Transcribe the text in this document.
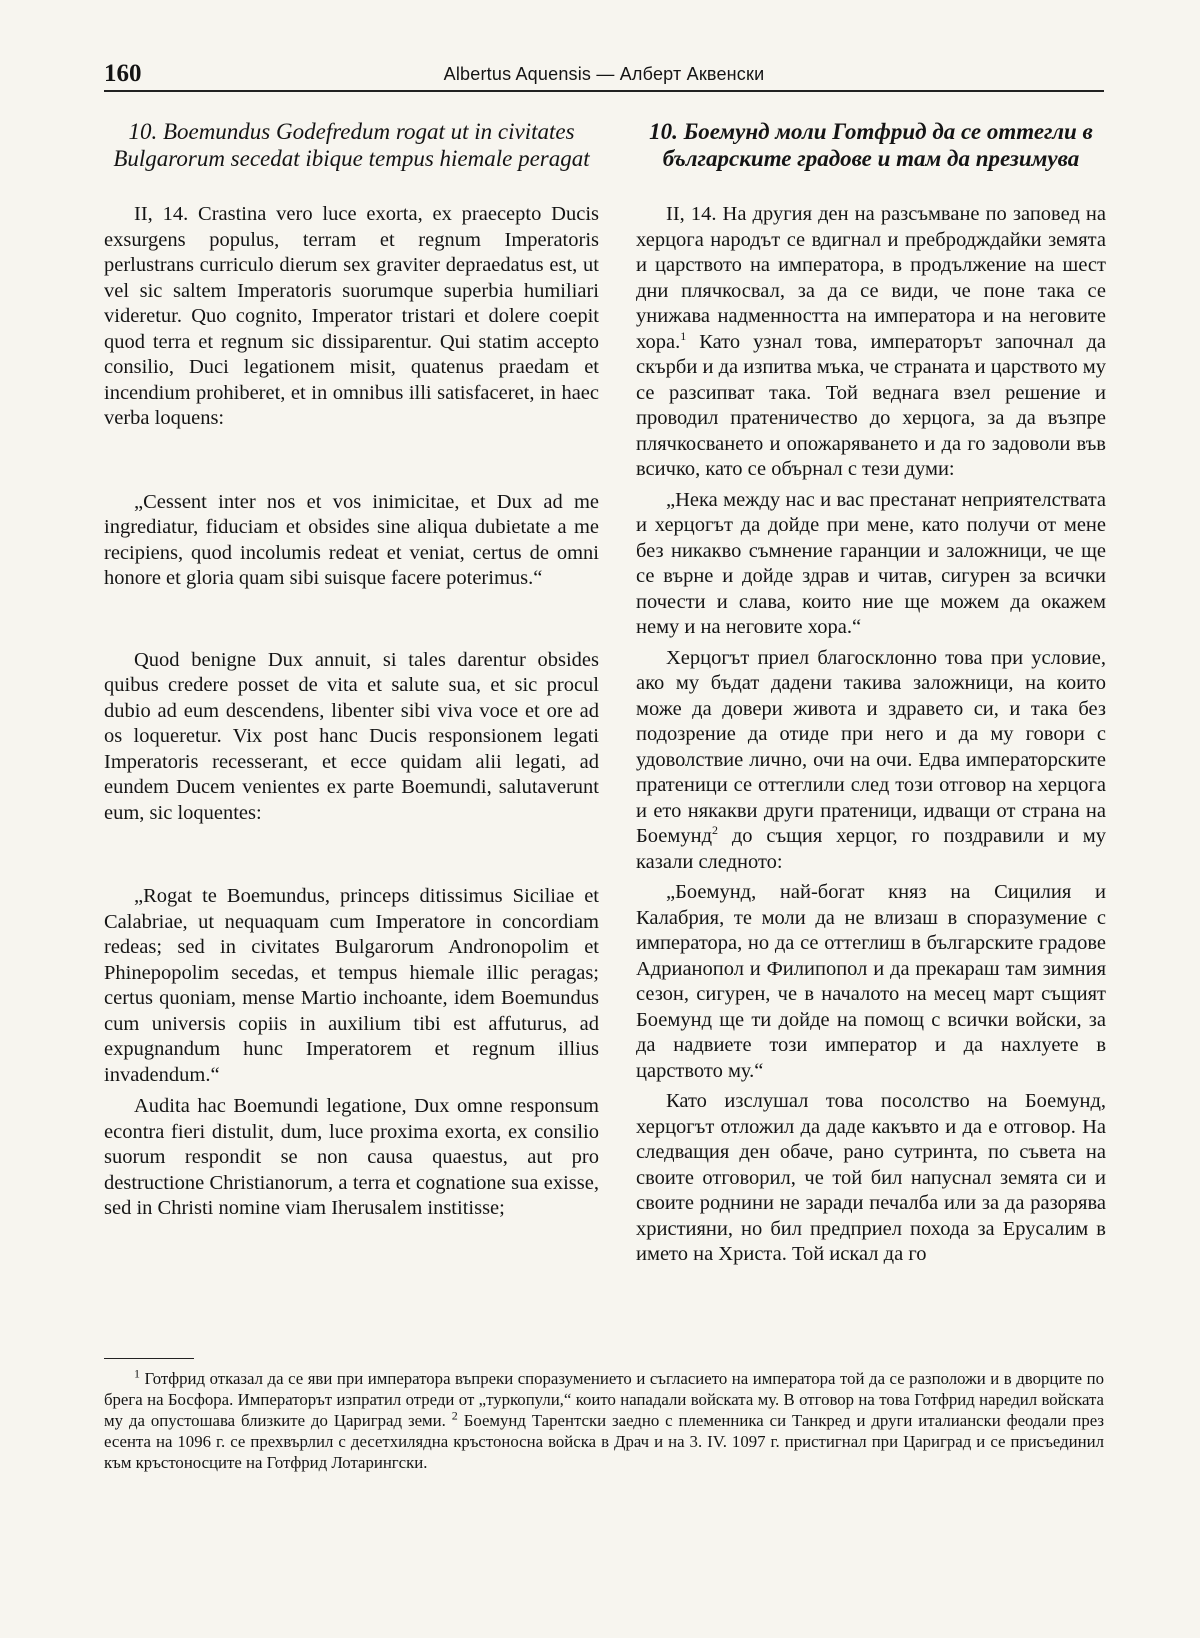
160	Albertus Aquensis — Алберт Аквенски
10. Boemundus Godefredum rogat ut in civitates Bulgarorum secedat ibique tempus hiemale peragat

II, 14. Crastina vero luce exorta, ex praecepto Ducis exsurgens populus, terram et regnum Imperatoris perlustrans curriculo dierum sex graviter depraedatus est, ut vel sic saltem Imperatoris suorumque superbia humiliari videretur. Quo cognito, Imperator tristari et dolere coepit quod terra et regnum sic dissiparentur. Qui statim accepto consilio, Duci legationem misit, quatenus praedam et incendium prohiberet, et in omnibus illi satisfaceret, in haec verba loquens:

„Cessent inter nos et vos inimicitae, et Dux ad me ingrediatur, fiduciam et obsides sine aliqua dubietate a me recipiens, quod incolumis redeat et veniat, certus de omni honore et gloria quam sibi suisque facere poterimus.“

Quod benigne Dux annuit, si tales darentur obsides quibus credere posset de vita et salute sua, et sic procul dubio ad eum descendens, libenter sibi viva voce et ore ad os loqueretur. Vix post hanc Ducis responsionem legati Imperatoris recesserant, et ecce quidam alii legati, ad eundem Ducem venientes ex parte Boemundi, salutaverunt eum, sic loquentes:

„Rogat te Boemundus, princeps ditissimus Siciliae et Calabriae, ut nequaquam cum Imperatore in concordiam redeas; sed in civitates Bulgarorum Andronopolim et Phinepopolim secedas, et tempus hiemale illic peragas; certus quoniam, mense Martio inchoante, idem Boemundus cum universis copiis in auxilium tibi est affuturus, ad expugnandum hunc Imperatorem et regnum illius invadendum.“

Audita hac Boemundi legatione, Dux omne responsum econtra fieri distulit, dum, luce proxima exorta, ex consilio suorum respondit se non causa quaestus, aut pro destructione Christianorum, a terra et cognatione sua exisse, sed in Christi nomine viam Iherusalem institisse;

10. Боемунд моли Готфрид да се оттегли в българските градове и там да презимува

II, 14. На другия ден на разсъмване по заповед на херцога народът се вдигнал и пребродждайки земята и царството на императора, в продължение на шест дни плячкосвал, за да се види, че поне така се унижава надменността на императора и на неговите хора.$^1$ Като узнал това, императорът започнал да скърби и да изпитва мъка, че страната и царството му се разсипват така. Той веднага взел решение и проводил пратеничество до херцога, за да възпре плячкосването и опожаряването и да го задоволи във всичко, като се обърнал с тези думи:

„Нека между нас и вас престанат неприятелствата и херцогът да дойде при мене, като получи от мене без никакво съмнение гаранции и заложници, че ще се върне и дойде здрав и читав, сигурен за всички почести и слава, които ние ще можем да окажем нему и на неговите хора.“

Херцогът приел благосклонно това при условие, ако му бъдат дадени такива заложници, на които може да довери живота и здравето си, и така без подозрение да отиде при него и да му говори с удоволствие лично, очи на очи. Едва императорските пратеници се оттеглили след този отговор на херцога и ето някакви други пратеници, идващи от страна на Боемунд$^2$ до същия херцог, го поздравили и му казали следното:

„Боемунд, най-богат княз на Сицилия и Калабрия, те моли да не влизаш в споразумение с императора, но да се оттеглиш в българските градове Адрианопол и Филипопол и да прекараш там зимния сезон, сигурен, че в началото на месец март същият Боемунд ще ти дойде на помощ с всички войски, за да надвиете този император и да нахлуете в царството му.“

Като изслушал това посолство на Боемунд, херцогът отложил да даде какъвто и да е отговор. На следващия ден обаче, рано сутринта, по съвета на своите отговорил, че той бил напуснал земята си и своите роднини не заради печалба или за да разорява християни, но бил предприел похода за Ерусалим в името на Христа. Той искал да го

$^1$ Готфрид отказал да се яви при императора въпреки споразумението и съгласието на императора той да се разположи и в дворците по брега на Босфора. Императорът изпратил отреди от „туркопули,“ които нападали войската му. В отговор на това Готфрид наредил войската му да опустошава близките до Цариград земи. $^2$ Боемунд Тарентски заедно с племенника си Танкред и други италиански феодали през есента на 1096 г. се прехвърлил с десетхилядна кръстоносна войска в Драч и на 3. IV. 1097 г. пристигнал при Цариград и се присъединил към кръстоносците на Готфрид Лотарингски.
